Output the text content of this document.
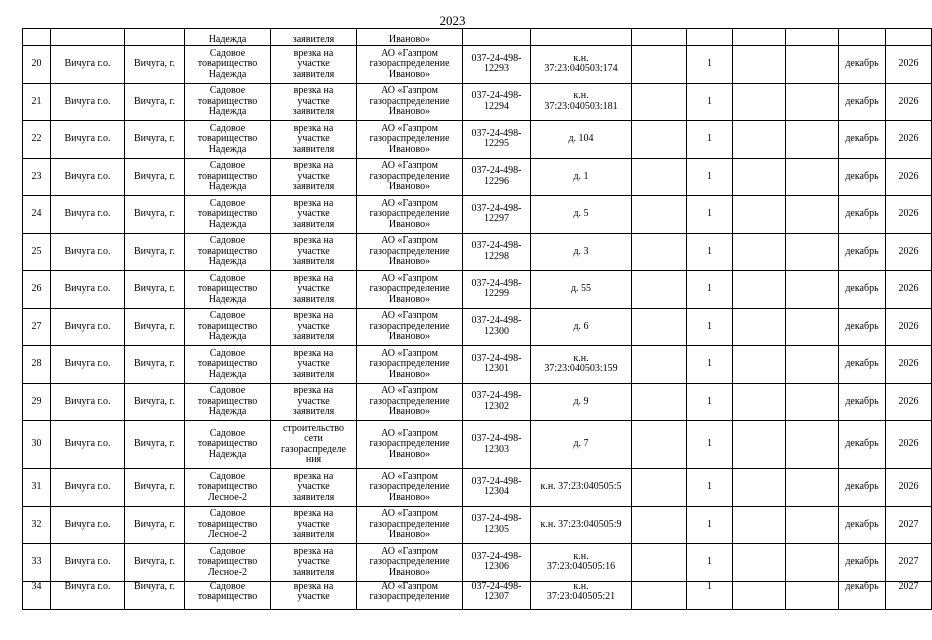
2023

			Надежда	заявителя	Иваново»								

20	Вичуга г.о.	Вичуга, г.	Садовое
товарищество
Надежда	врезка на
участке
заявителя	АО «Газпром
газораспределение
Иваново»	037-24-498-
12293	к.н.
37:23:040503:174		1			декабрь	2026
21	Вичуга г.о.	Вичуга, г.	Садовое
товарищество
Надежда	врезка на
участке
заявителя	АО «Газпром
газораспределение
Иваново»	037-24-498-
12294	к.н.
37:23:040503:181		1			декабрь	2026
22	Вичуга г.о.	Вичуга, г.	Садовое
товарищество
Надежда	врезка на
участке
заявителя	АО «Газпром
газораспределение
Иваново»	037-24-498-
12295	д. 104		1			декабрь	2026
23	Вичуга г.о.	Вичуга, г.	Садовое
товарищество
Надежда	врезка на
участке
заявителя	АО «Газпром
газораспределение
Иваново»	037-24-498-
12296	д. 1		1			декабрь	2026
24	Вичуга г.о.	Вичуга, г.	Садовое
товарищество
Надежда	врезка на
участке
заявителя	АО «Газпром
газораспределение
Иваново»	037-24-498-
12297	д. 5		1			декабрь	2026
25	Вичуга г.о.	Вичуга, г.	Садовое
товарищество
Надежда	врезка на
участке
заявителя	АО «Газпром
газораспределение
Иваново»	037-24-498-
12298	д. 3		1			декабрь	2026
26	Вичуга г.о.	Вичуга, г.	Садовое
товарищество
Надежда	врезка на
участке
заявителя	АО «Газпром
газораспределение
Иваново»	037-24-498-
12299	д. 55		1			декабрь	2026
27	Вичуга г.о.	Вичуга, г.	Садовое
товарищество
Надежда	врезка на
участке
заявителя	АО «Газпром
газораспределение
Иваново»	037-24-498-
12300	д. 6		1			декабрь	2026
28	Вичуга г.о.	Вичуга, г.	Садовое
товарищество
Надежда	врезка на
участке
заявителя	АО «Газпром
газораспределение
Иваново»	037-24-498-
12301	к.н.
37:23:040503:159		1			декабрь	2026
29	Вичуга г.о.	Вичуга, г.	Садовое
товарищество
Надежда	врезка на
участке
заявителя	АО «Газпром
газораспределение
Иваново»	037-24-498-
12302	д. 9		1			декабрь	2026
30	Вичуга г.о.	Вичуга, г.	Садовое
товарищество
Надежда	строительство
сети
газораспределе
ния	АО «Газпром
газораспределение
Иваново»	037-24-498-
12303	д. 7		1			декабрь	2026
31	Вичуга г.о.	Вичуга, г.	Садовое
товарищество
Лесное-2	врезка на
участке
заявителя	АО «Газпром
газораспределение
Иваново»	037-24-498-
12304	к.н. 37:23:040505:5		1			декабрь	2026
32	Вичуга г.о.	Вичуга, г.	Садовое
товарищество
Лесное-2	врезка на
участке
заявителя	АО «Газпром
газораспределение
Иваново»	037-24-498-
12305	к.н. 37:23:040505:9		1			декабрь	2027
33	Вичуга г.о.	Вичуга, г.	Садовое
товарищество
Лесное-2	врезка на
участке
заявителя	АО «Газпром
газораспределение
Иваново»	037-24-498-
12306	к.н.
37:23:040505:16		1			декабрь	2027
34	Вичуга г.о.	Вичуга, г.	Садовое
товарищество	врезка на
участке	АО «Газпром
газораспределение	037-24-498-
12307	к.н.
37:23:040505:21		1			декабрь	2027
